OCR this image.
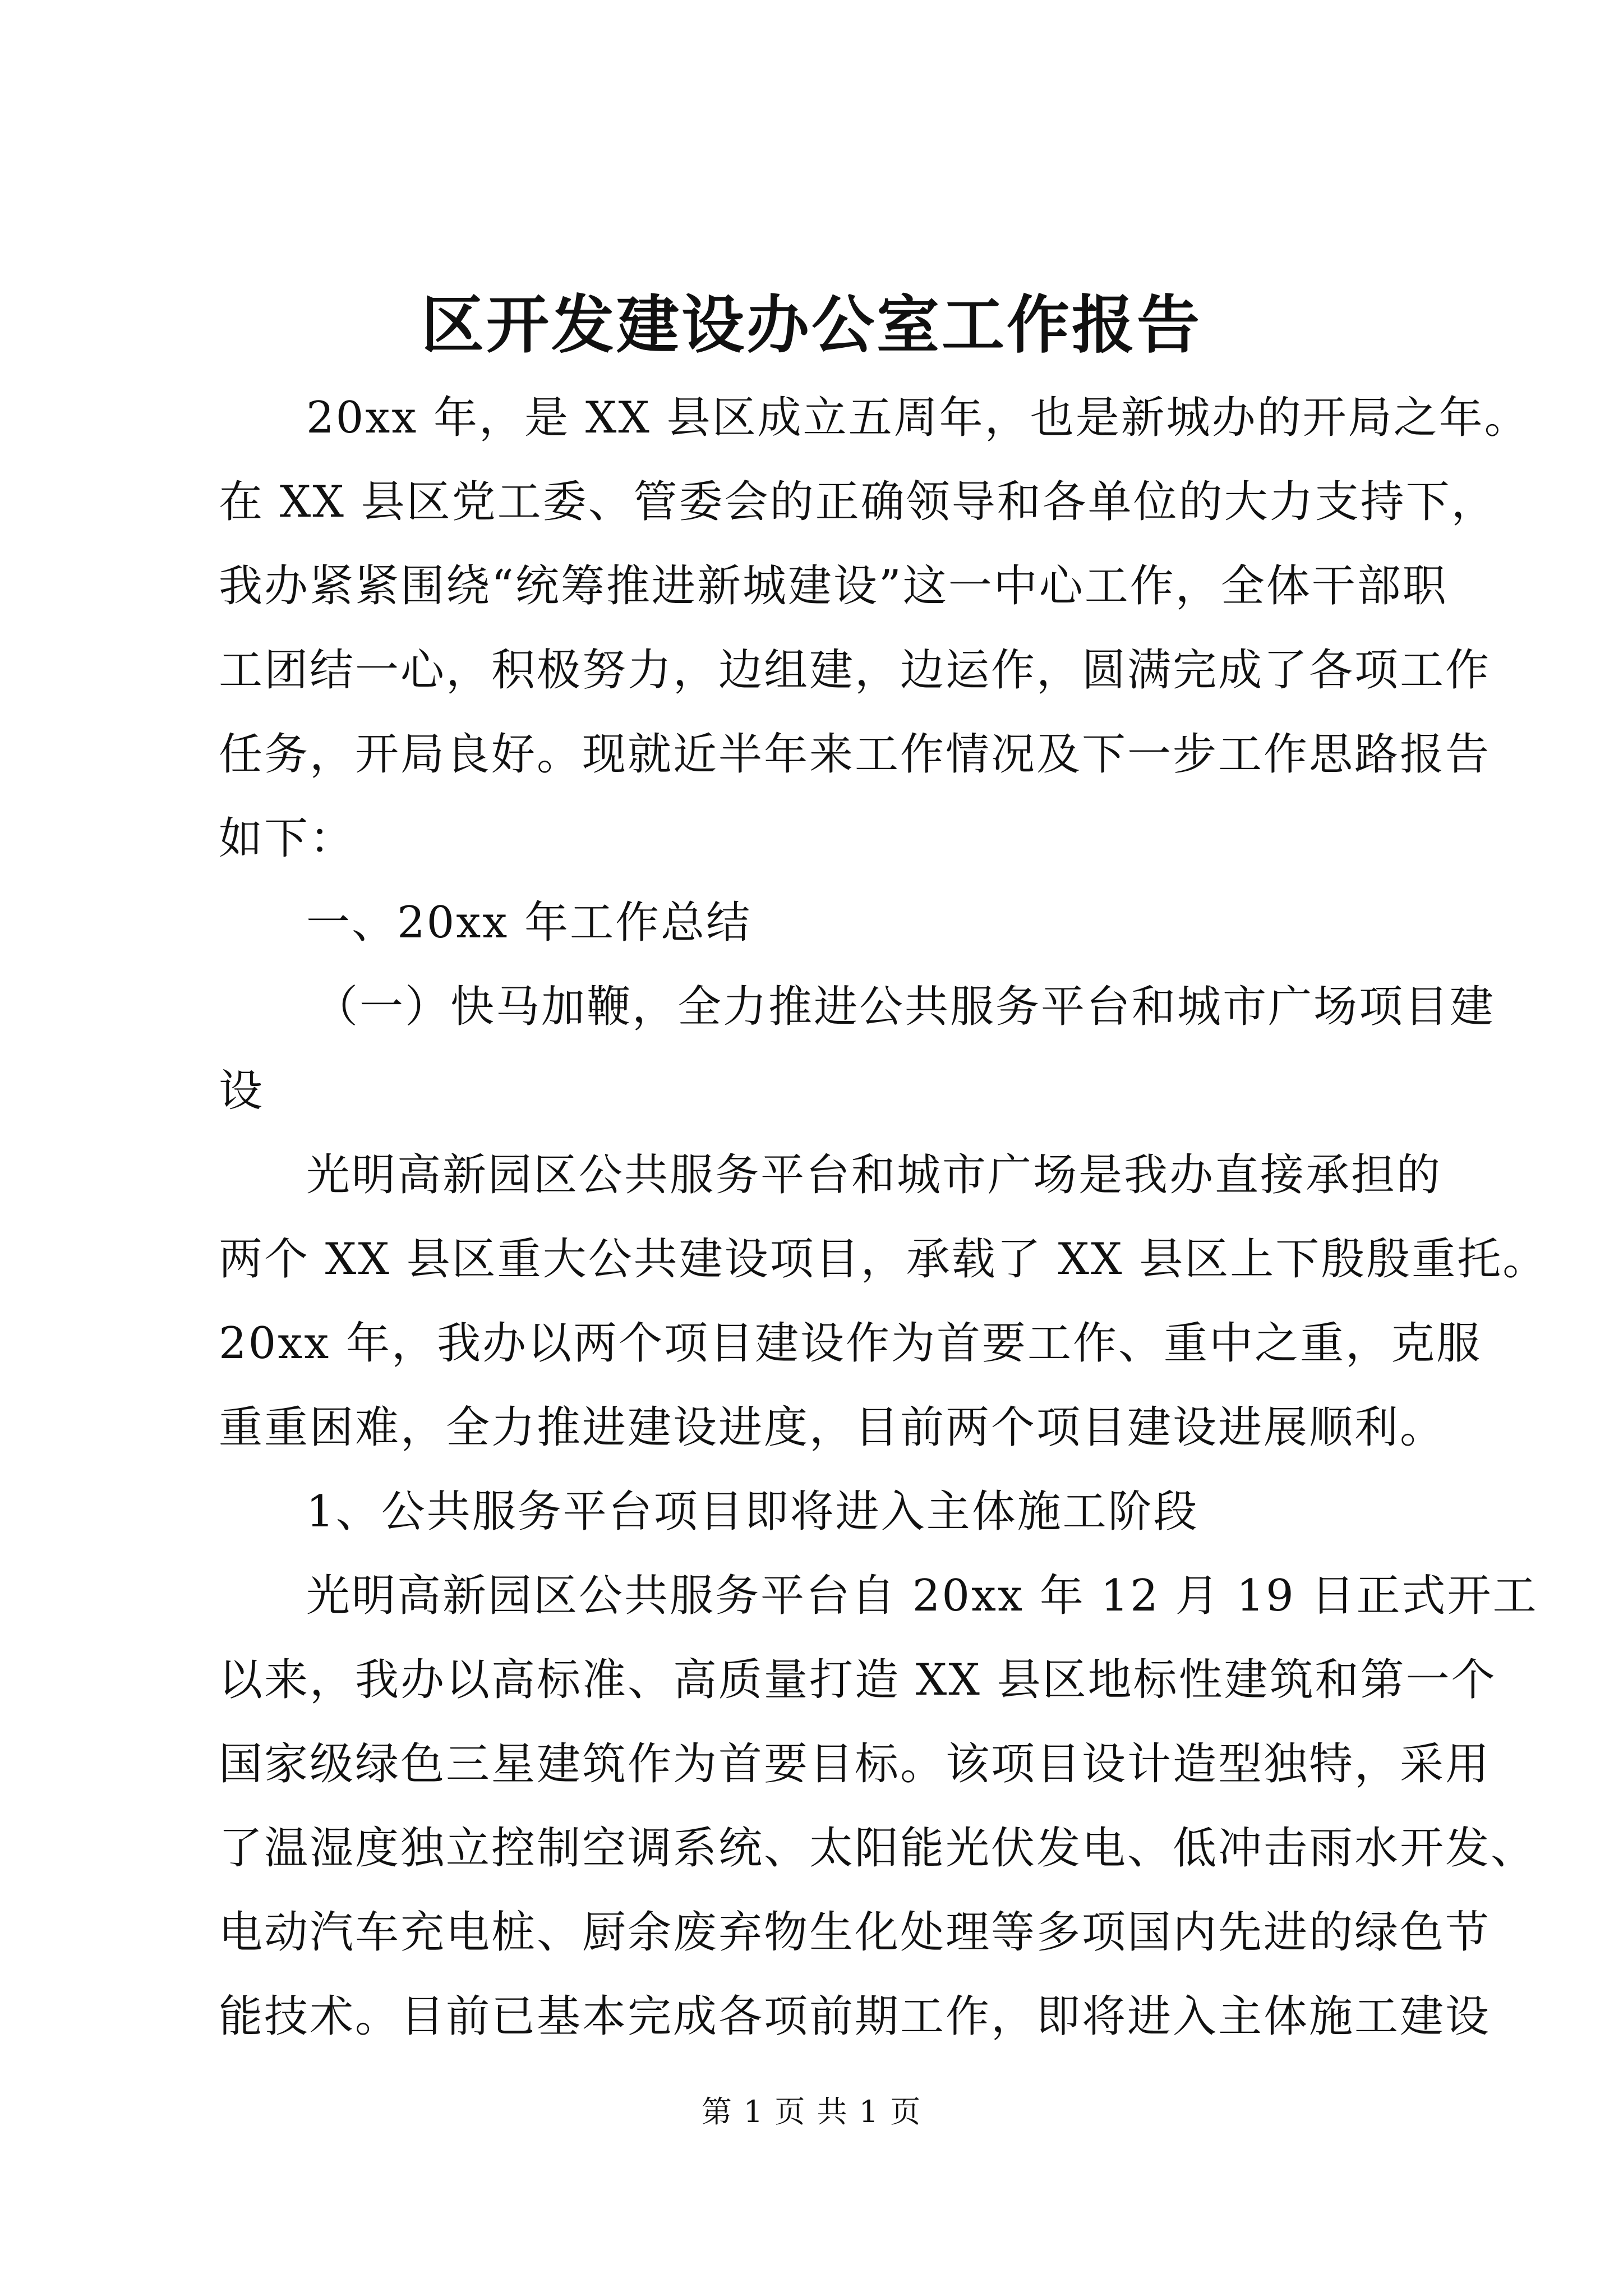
区开发建设办公室工作报告
20xx 年，是 XX 县区成立五周年，也是新城办的开局之年。
在 XX 县区党工委、管委会的正确领导和各单位的大力支持下，
我办紧紧围绕“统筹推进新城建设”这一中心工作，全体干部职
工团结一心，积极努力，边组建，边运作，圆满完成了各项工作
任务，开局良好。现就近半年来工作情况及下一步工作思路报告
如下：
一、20xx 年工作总结
（一）快马加鞭，全力推进公共服务平台和城市广场项目建
设
光明高新园区公共服务平台和城市广场是我办直接承担的
两个 XX 县区重大公共建设项目，承载了 XX 县区上下殷殷重托。
20xx 年，我办以两个项目建设作为首要工作、重中之重，克服
重重困难，全力推进建设进度，目前两个项目建设进展顺利。
1、公共服务平台项目即将进入主体施工阶段
光明高新园区公共服务平台自 20xx 年 12 月 19 日正式开工
以来，我办以高标准、高质量打造 XX 县区地标性建筑和第一个
国家级绿色三星建筑作为首要目标。该项目设计造型独特，采用
了温湿度独立控制空调系统、太阳能光伏发电、低冲击雨水开发、
电动汽车充电桩、厨余废弃物生化处理等多项国内先进的绿色节
能技术。目前已基本完成各项前期工作，即将进入主体施工建设
第 1 页 共 1 页
